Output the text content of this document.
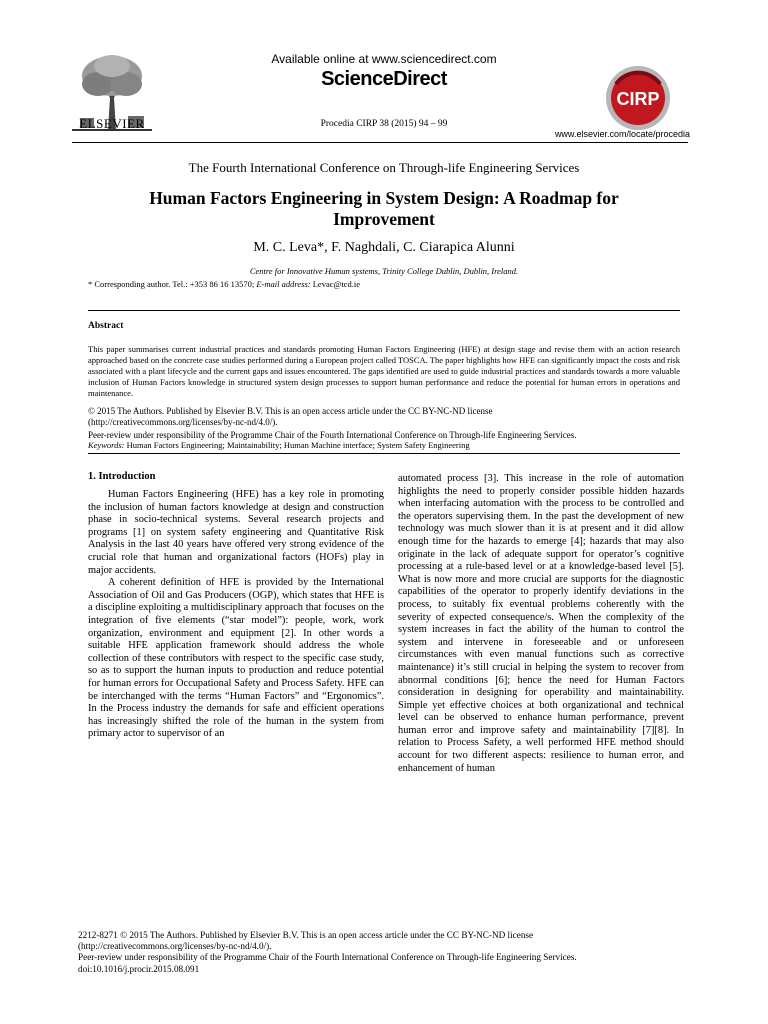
ELSEVIER
Available online at www.sciencedirect.com
ScienceDirect
Procedia CIRP 38 (2015) 94 – 99
CIRP
www.elsevier.com/locate/procedia
The Fourth International Conference on Through-life Engineering Services
Human Factors Engineering in System Design: A Roadmap for Improvement
M. C. Leva*, F. Naghdali, C. Ciarapica Alunni
Centre for Innovative Human systems, Trinity College Dublin, Dublin, Ireland.
* Corresponding author. Tel.: +353 86 16 13570; E-mail address: Levac@tcd.ie
Abstract
This paper summarises current industrial practices and standards promoting Human Factors Engineering (HFE) at design stage and revise them with an action research approached based on the concrete case studies performed during a European project called TOSCA. The paper highlights how HFE can significantly impact the costs and risk associated with a plant lifecycle and the current gaps and issues encountered. The gaps identified are used to guide industrial practices and standards towards a more valuable inclusion of Human Factors knowledge in structured system design processes to support human performance and reduce the potential for human errors in operations and maintenance.
© 2015 The Authors. Published by Elsevier B.V. This is an open access article under the CC BY-NC-ND license
(http://creativecommons.org/licenses/by-nc-nd/4.0/).
Peer-review under responsibility of the Programme Chair of the Fourth International Conference on Through-life Engineering Services.
Keywords: Human Factors Engineering; Maintainability; Human Machine interface; System Safety Engineering
1. Introduction

Human Factors Engineering (HFE) has a key role in promoting the inclusion of human factors knowledge at design and construction phase in socio-technical systems. Several research projects and programs [1] on system safety engineering and Quantitative Risk Analysis in the last 40 years have offered very strong evidence of the crucial role that human and organizational factors (HOFs) play in major accidents.

A coherent definition of HFE is provided by the International Association of Oil and Gas Producers (OGP), which states that HFE is a discipline exploiting a multidisciplinary approach that focuses on the integration of five elements (“star model”): people, work, work organization, environment and equipment [2]. In other words a suitable HFE application framework should address the whole collection of these contributors with respect to the specific case study, so as to support the human inputs to production and reduce potential for human errors for Occupational Safety and Process Safety. HFE can be interchanged with the terms “Human Factors” and “Ergonomics”. In the Process industry the demands for safe and efficient operations has increasingly shifted the role of the human in the system from primary actor to supervisor of an

automated process [3]. This increase in the role of automation highlights the need to properly consider possible hidden hazards when interfacing automation with the process to be controlled and the operators supervising them. In the past the development of new technology was much slower than it is at present and it did allow enough time for the hazards to emerge [4]; hazards that may also originate in the lack of adequate support for operator’s cognitive processing at a rule-based level or at a knowledge-based level [5]. What is now more and more crucial are supports for the diagnostic capabilities of the operator to properly identify deviations in the process, to suitably fix eventual problems coherently with the severity of expected consequence/s. When the complexity of the system increases in fact the ability of the human to control the system and intervene in foreseeable and or unforeseen circumstances with even manual functions such as corrective maintenance) it’s still crucial in helping the system to recover from abnormal conditions [6]; hence the need for Human Factors consideration in designing for operability and maintainability. Simple yet effective choices at both organizational and technical level can be observed to enhance human performance, prevent human error and improve safety and maintainability [7][8]. In relation to Process Safety, a well performed HFE method should account for two different aspects: resilience to human error, and enhancement of human

2212-8271 © 2015 The Authors. Published by Elsevier B.V. This is an open access article under the CC BY-NC-ND license
(http://creativecommons.org/licenses/by-nc-nd/4.0/).
Peer-review under responsibility of the Programme Chair of the Fourth International Conference on Through-life Engineering Services.
doi:10.1016/j.procir.2015.08.091
